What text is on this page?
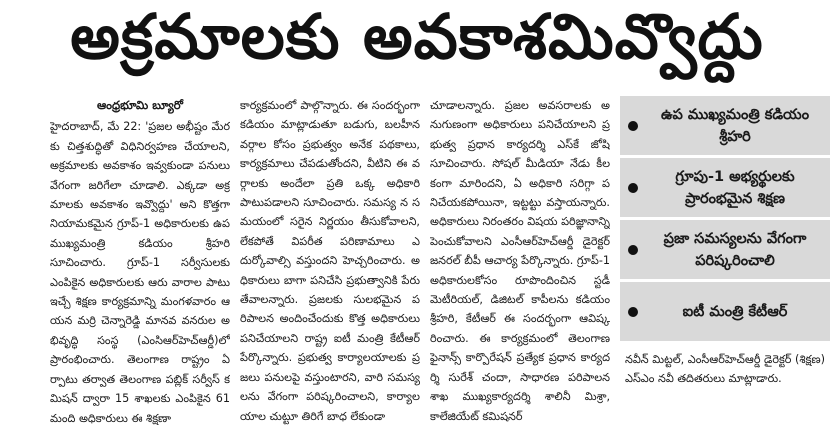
అక్రమాలకు అవకాశమివ్వొద్దు
ఆంధ్రభూమి బ్యూరో

హైదరాబాద్, మే 22: 'ప్రజల అభీష్టం మేరకు చిత్తశుద్ధితో విధినిర్వహణ చేయాలని, అక్రమాలకు అవకాశం ఇవ్వకుండా పనులు వేగంగా జరిగేలా చూడాలి. ఎక్కడా అక్రమాలకు అవకాశం ఇవ్వొద్దు' అని కొత్తగా నియామకమైన గ్రూప్-1 అధికారులకు ఉప ముఖ్యమంత్రి కడియం శ్రీహరి సూచించారు. గ్రూప్-1 సర్వీసులకు ఎంపికైన అధికారులకు ఆరు వారాల పాటు ఇచ్చే శిక్షణ కార్యక్రమాన్ని మంగళవారం ఆయన మర్రి చెన్నారెడ్డి మానవ వనరుల అభివృద్ధి సంస్థ (ఎంసిఆర్‌హెచ్‌ఆర్డీ)లో ప్రారంభించారు. తెలంగాణ రాష్ట్రం ఏర్పాటు తర్వాత తెలంగాణ పబ్లిక్ సర్వీస్ కమిషన్ ద్వారా 15 శాఖలకు ఎంపికైన 61 మంది అధికారులు ఈ శిక్షణా

కార్యక్రమంలో పాల్గొన్నారు. ఈ సందర్భంగా కడియం మాట్లాడుతూ బడుగు, బలహీన వర్గాల కోసం ప్రభుత్వం అనేక పథకాలు, కార్యక్రమాలు చేపడుతోందని, వీటిని ఈ వర్గాలకు అందేలా ప్రతి ఒక్క అధికారి పాటుపడాలని సూచించారు. సమస్య న సమయంలో సరైన నిర్ణయం తీసుకోవాలని, లేకపోతే విపరీత పరిణామాలు ఎదుర్కోవాల్సి వస్తుందని హెచ్చరించారు. అధికారులు బాగా పనిచేసి ప్రభుత్వానికి పేరు తేవాలన్నారు. ప్రజలకు సులభమైన పరిపాలన అందించేందుకు కొత్త అధికారులు పనిచేయాలని రాష్ట్ర ఐటీ మంత్రి కేటీఆర్ పేర్కొన్నారు. ప్రభుత్వ కార్యాలయాలకు ప్రజలు పనులపై వస్తుంటారని, వారి సమస్యలను వేగంగా పరిష్కరించాలని, కార్యాలయాల చుట్టూ తిరిగే బాధ లేకుండా

చూడాలన్నారు. ప్రజల అవసరాలకు అనుగుణంగా అధికారులు పనిచేయాలని ప్రభుత్వ ప్రధాన కార్యదర్శి ఎస్‌కే జోషి సూచించారు. సోషల్ మీడియా నేడు కీలకంగా మారిందని, ఏ అధికారి సరిగ్గా పనిచేయకపోయినా, ఇట్టట్టు వస్తాయన్నారు. అధికారులు నిరంతరం విషయ పరిజ్ఞానాన్ని పెంచుకోవాలని ఎంసీఆర్‌హెచ్‌ఆర్డీ డైరెక్టర్ జనరల్ బీపీ ఆచార్య పేర్కొన్నారు. గ్రూప్-1 అధికారులకోసం రూపొందించిన స్టడీ మెటీరియల్, డిజిటల్ కాపీలను కడియం శ్రీహరి, కేటీఆర్ ఈ సందర్భంగా ఆవిష్కరించారు. ఈ కార్యక్రమంలో తెలంగాణ ఫైనాన్స్ కార్పొరేషన్ ప్రత్యేక ప్రధాన కార్యదర్శి సురేశ్ చందా, సాధారణ పరిపాలన శాఖ ముఖ్యకార్యదర్శి శాలినీ మిశ్రా, కాలేజియేట్ కమిషనర్

ఉప ముఖ్యమంత్రి కడియం శ్రీహరి
గ్రూపు-1 అభ్యర్థులకు ప్రారంభమైన శిక్షణ
ప్రజా సమస్యలను వేగంగా పరిష్కరించాలి
ఐటీ మంత్రి కేటీఆర్
నవీన్ మిట్టల్, ఎంసీఆర్‌హెచ్‌ఆర్డీ డైరెక్టర్ (శిక్షణ) ఎస్‌ఎం నవీ తదితరులు మాట్లాడారు.
